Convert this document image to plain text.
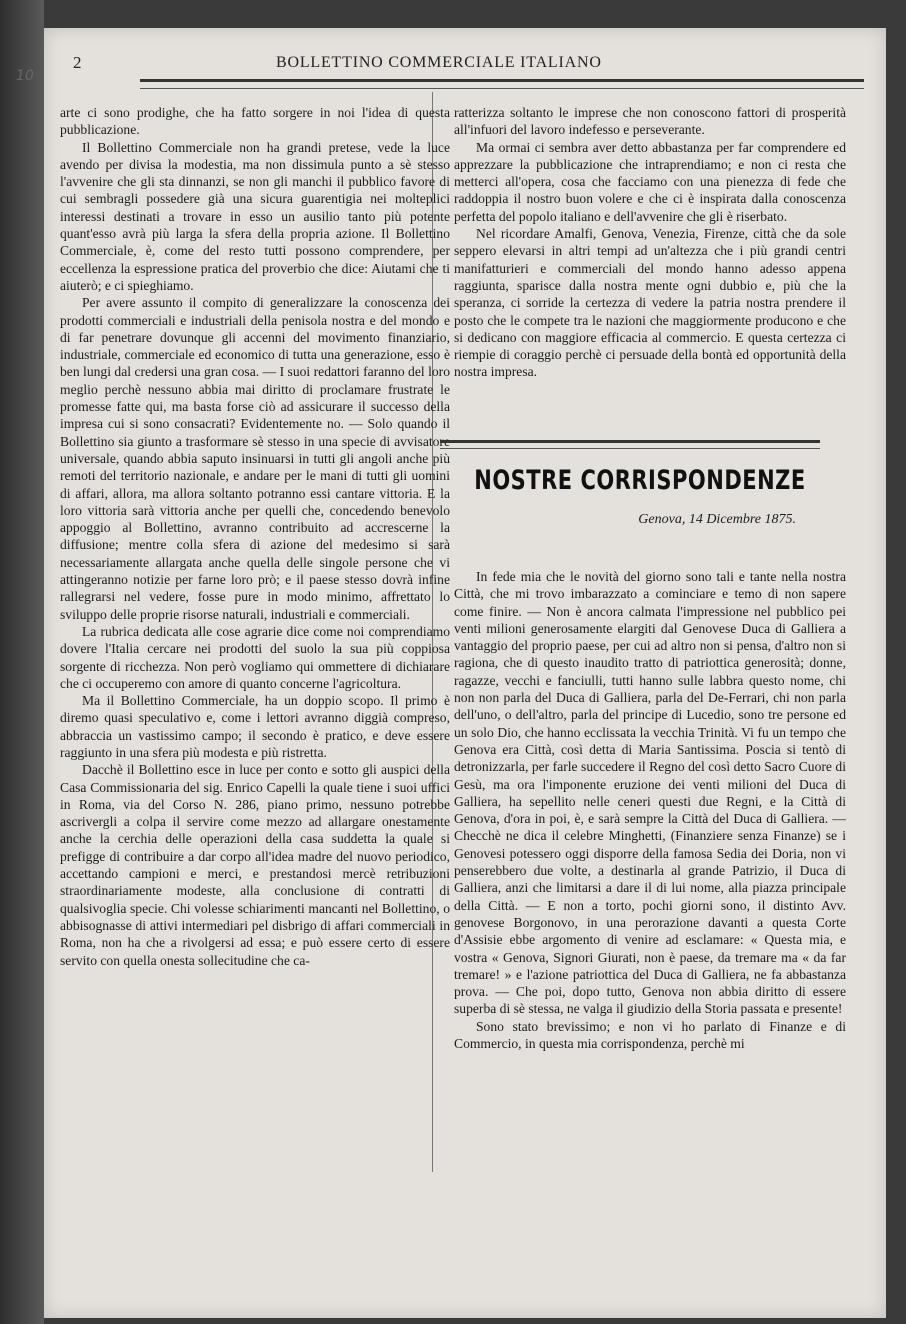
10
2	BOLLETTINO COMMERCIALE ITALIANO

arte ci sono prodighe, che ha fatto sorgere in noi l'idea di questa pubblicazione.

Il Bollettino Commerciale non ha grandi pretese, vede la luce avendo per divisa la modestia, ma non dissimula punto a sè stesso l'avvenire che gli sta dinnanzi, se non gli manchi il pubblico favore di cui sembragli possedere già una sicura guarentigia nei molteplici interessi destinati a trovare in esso un ausilio tanto più potente quant'esso avrà più larga la sfera della propria azione. Il Bollettino Commerciale, è, come del resto tutti possono comprendere, per eccellenza la espressione pratica del proverbio che dice: Aiutami che ti aiuterò; e ci spieghiamo.

Per avere assunto il compito di generalizzare la conoscenza dei prodotti commerciali e industriali della penisola nostra e del mondo e di far penetrare dovunque gli accenni del movimento finanziario, industriale, commerciale ed economico di tutta una generazione, esso è ben lungi dal credersi una gran cosa. — I suoi redattori faranno del loro meglio perchè nessuno abbia mai diritto di proclamare frustrate le promesse fatte qui, ma basta forse ciò ad assicurare il successo della impresa cui si sono consacrati? Evidentemente no. — Solo quando il Bollettino sia giunto a trasformare sè stesso in una specie di avvisatore universale, quando abbia saputo insinuarsi in tutti gli angoli anche più remoti del territorio nazionale, e andare per le mani di tutti gli uomini di affari, allora, ma allora soltanto potranno essi cantare vittoria. E la loro vittoria sarà vittoria anche per quelli che, concedendo benevolo appoggio al Bollettino, avranno contribuito ad accrescerne la diffusione; mentre colla sfera di azione del medesimo si sarà necessariamente allargata anche quella delle singole persone che vi attingeranno notizie per farne loro prò; e il paese stesso dovrà infine rallegrarsi nel vedere, fosse pure in modo minimo, affrettato lo sviluppo delle proprie risorse naturali, industriali e commerciali.

La rubrica dedicata alle cose agrarie dice come noi comprendiamo dovere l'Italia cercare nei prodotti del suolo la sua più coppiosa sorgente di ricchezza. Non però vogliamo qui ommettere di dichiarare che ci occuperemo con amore di quanto concerne l'agricoltura.

Ma il Bollettino Commerciale, ha un doppio scopo. Il primo è diremo quasi speculativo e, come i lettori avranno diggià compreso, abbraccia un vastissimo campo; il secondo è pratico, e deve essere raggiunto in una sfera più modesta e più ristretta.

Dacchè il Bollettino esce in luce per conto e sotto gli auspici della Casa Commissionaria del sig. Enrico Capelli la quale tiene i suoi uffici in Roma, via del Corso N. 286, piano primo, nessuno potrebbe ascrivergli a colpa il servire come mezzo ad allargare onestamente anche la cerchia delle operazioni della casa suddetta la quale si prefigge di contribuire a dar corpo all'idea madre del nuovo periodico, accettando campioni e merci, e prestandosi mercè retribuzioni straordinariamente modeste, alla conclusione di contratti di qualsivoglia specie. Chi volesse schiarimenti mancanti nel Bollettino, o abbisognasse di attivi intermediari pel disbrigo di affari commerciali in Roma, non ha che a rivolgersi ad essa; e può essere certo di essere servito con quella onesta sollecitudine che ca-

ratterizza soltanto le imprese che non conoscono fattori di prosperità all'infuori del lavoro indefesso e perseverante.

Ma ormai ci sembra aver detto abbastanza per far comprendere ed apprezzare la pubblicazione che intraprendiamo; e non ci resta che metterci all'opera, cosa che facciamo con una pienezza di fede che raddoppia il nostro buon volere e che ci è inspirata dalla conoscenza perfetta del popolo italiano e dell'avvenire che gli è riserbato.

Nel ricordare Amalfi, Genova, Venezia, Firenze, città che da sole seppero elevarsi in altri tempi ad un'altezza che i più grandi centri manifatturieri e commerciali del mondo hanno adesso appena raggiunta, sparisce dalla nostra mente ogni dubbio e, più che la speranza, ci sorride la certezza di vedere la patria nostra prendere il posto che le compete tra le nazioni che maggiormente producono e che si dedicano con maggiore efficacia al commercio. E questa certezza ci riempie di coraggio perchè ci persuade della bontà ed opportunità della nostra impresa.

NOSTRE CORRISPONDENZE
Genova, 14 Dicembre 1875.

In fede mia che le novità del giorno sono tali e tante nella nostra Città, che mi trovo imbarazzato a cominciare e temo di non sapere come finire. — Non è ancora calmata l'impressione nel pubblico pei venti milioni generosamente elargiti dal Genovese Duca di Galliera a vantaggio del proprio paese, per cui ad altro non si pensa, d'altro non si ragiona, che di questo inaudito tratto di patriottica generosità; donne, ragazze, vecchi e fanciulli, tutti hanno sulle labbra questo nome, chi non non parla del Duca di Galliera, parla del De-Ferrari, chi non parla dell'uno, o dell'altro, parla del principe di Lucedio, sono tre persone ed un solo Dio, che hanno ecclissata la vecchia Trinità. Vi fu un tempo che Genova era Città, così detta di Maria Santissima. Poscia si tentò di detronizzarla, per farle succedere il Regno del così detto Sacro Cuore di Gesù, ma ora l'imponente eruzione dei venti milioni del Duca di Galliera, ha sepellito nelle ceneri questi due Regni, e la Città di Genova, d'ora in poi, è, e sarà sempre la Città del Duca di Galliera. — Checchè ne dica il celebre Minghetti, (Finanziere senza Finanze) se i Genovesi potessero oggi disporre della famosa Sedia dei Doria, non vi penserebbero due volte, a destinarla al grande Patrizio, il Duca di Galliera, anzi che limitarsi a dare il di lui nome, alla piazza principale della Città. — E non a torto, pochi giorni sono, il distinto Avv. genovese Borgonovo, in una perorazione davanti a questa Corte d'Assisie ebbe argomento di venire ad esclamare: « Questa mia, e vostra « Genova, Signori Giurati, non è paese, da tremare ma « da far tremare! » e l'azione patriottica del Duca di Galliera, ne fa abbastanza prova. — Che poi, dopo tutto, Genova non abbia diritto di essere superba di sè stessa, ne valga il giudizio della Storia passata e presente!

Sono stato brevissimo; e non vi ho parlato di Finanze e di Commercio, in questa mia corrispondenza, perchè mi
